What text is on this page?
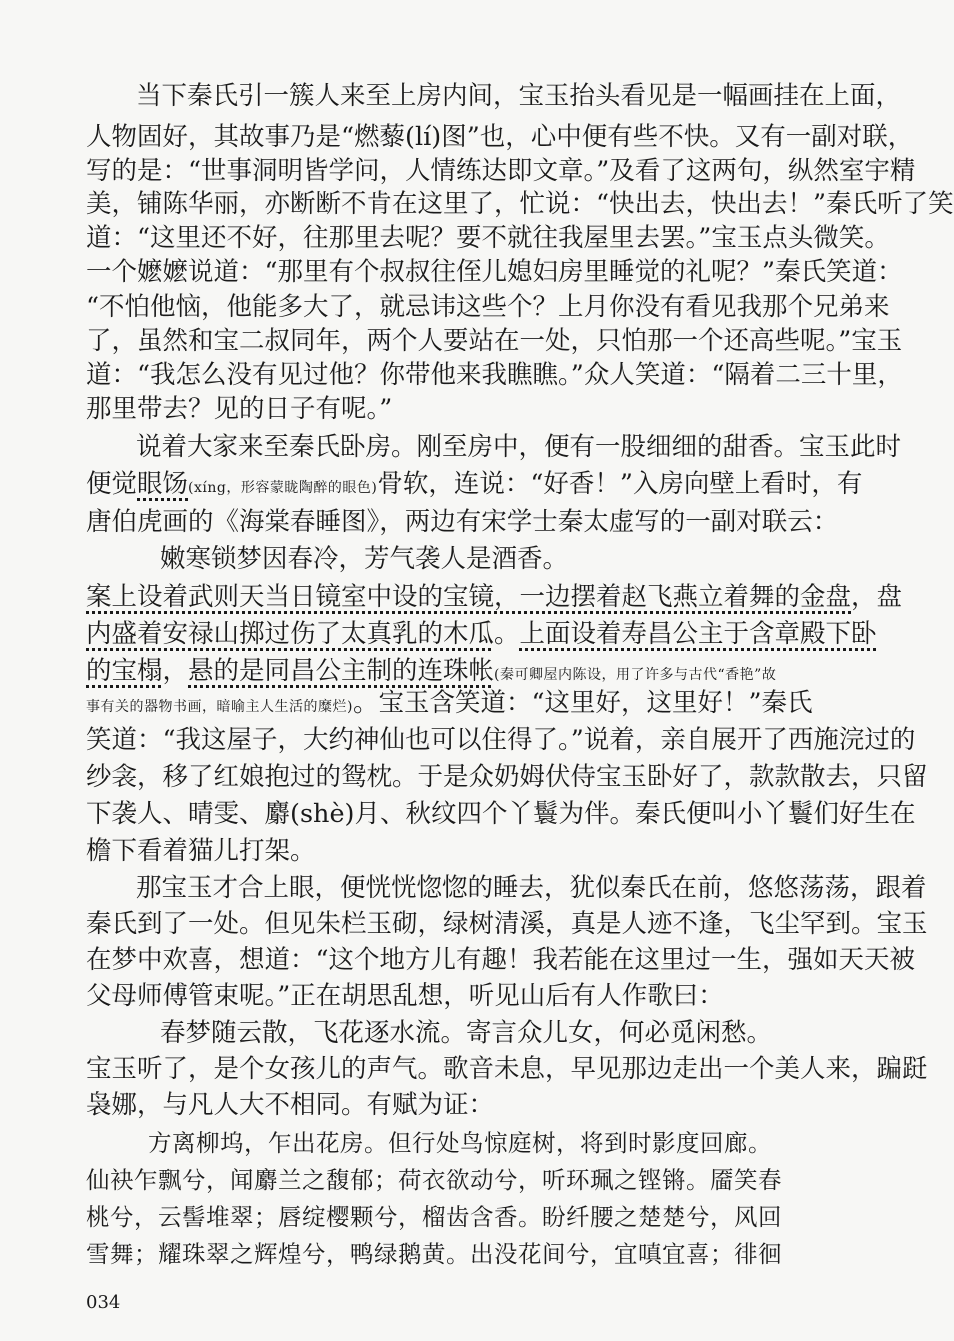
当下秦氏引一簇人来至上房内间，宝玉抬头看见是一幅画挂在上面，
人物固好，其故事乃是“燃藜(lí)图”也，心中便有些不快。又有一副对联，
写的是：“世事洞明皆学问，人情练达即文章。”及看了这两句，纵然室宇精
美，铺陈华丽，亦断断不肯在这里了，忙说：“快出去，快出去！”秦氏听了笑
道：“这里还不好，往那里去呢？要不就往我屋里去罢。”宝玉点头微笑。
一个嬷嬷说道：“那里有个叔叔往侄儿媳妇房里睡觉的礼呢？”秦氏笑道：
“不怕他恼，他能多大了，就忌讳这些个？上月你没有看见我那个兄弟来
了，虽然和宝二叔同年，两个人要站在一处，只怕那一个还高些呢。”宝玉
道：“我怎么没有见过他？你带他来我瞧瞧。”众人笑道：“隔着二三十里，
那里带去？见的日子有呢。”
说着大家来至秦氏卧房。刚至房中，便有一股细细的甜香。宝玉此时
便觉眼饧(xíng，形容蒙眬陶醉的眼色)骨软，连说：“好香！”入房向壁上看时，有
唐伯虎画的《海棠春睡图》，两边有宋学士秦太虚写的一副对联云：
嫩寒锁梦因春冷，芳气袭人是酒香。
案上设着武则天当日镜室中设的宝镜，一边摆着赵飞燕立着舞的金盘，盘
内盛着安禄山掷过伤了太真乳的木瓜。上面设着寿昌公主于含章殿下卧
的宝榻，悬的是同昌公主制的连珠帐(秦可卿屋内陈设，用了许多与古代“香艳”故
事有关的器物书画，暗喻主人生活的糜烂)。宝玉含笑道：“这里好，这里好！”秦氏
笑道：“我这屋子，大约神仙也可以住得了。”说着，亲自展开了西施浣过的
纱衾，移了红娘抱过的鸳枕。于是众奶姆伏侍宝玉卧好了，款款散去，只留
下袭人、晴雯、麝(shè)月、秋纹四个丫鬟为伴。秦氏便叫小丫鬟们好生在
檐下看着猫儿打架。
那宝玉才合上眼，便恍恍惚惚的睡去，犹似秦氏在前，悠悠荡荡，跟着
秦氏到了一处。但见朱栏玉砌，绿树清溪，真是人迹不逢，飞尘罕到。宝玉
在梦中欢喜，想道：“这个地方儿有趣！我若能在这里过一生，强如天天被
父母师傅管束呢。”正在胡思乱想，听见山后有人作歌曰：
春梦随云散，飞花逐水流。寄言众儿女，何必觅闲愁。
宝玉听了，是个女孩儿的声气。歌音未息，早见那边走出一个美人来，蹁跹
袅娜，与凡人大不相同。有赋为证：
方离柳坞，乍出花房。但行处鸟惊庭树，将到时影度回廊。
仙袂乍飘兮，闻麝兰之馥郁；荷衣欲动兮，听环珮之铿锵。靥笑春
桃兮，云髻堆翠；唇绽樱颗兮，榴齿含香。盼纤腰之楚楚兮，风回
雪舞；耀珠翠之辉煌兮，鸭绿鹅黄。出没花间兮，宜嗔宜喜；徘徊
034
